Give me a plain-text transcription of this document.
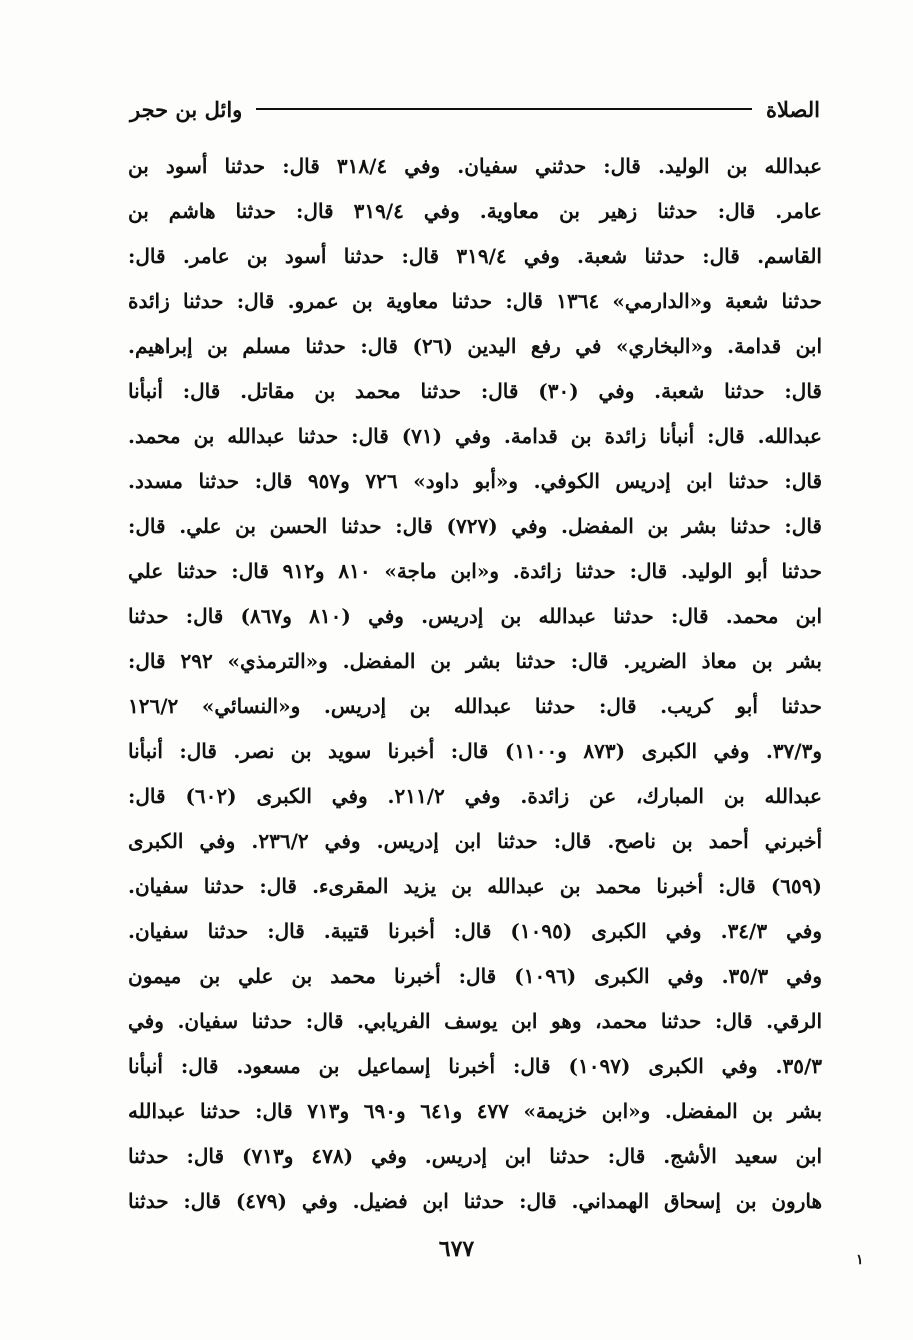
الصلاة
وائل بن حجر
عبدالله بن الوليد. قال: حدثني سفيان. وفي ٣١٨/٤ قال: حدثنا أسود بن
عامر. قال: حدثنا زهير بن معاوية. وفي ٣١٩/٤ قال: حدثنا هاشم بن
القاسم. قال: حدثنا شعبة. وفي ٣١٩/٤ قال: حدثنا أسود بن عامر. قال:
حدثنا شعبة و«الدارمي» ١٣٦٤ قال: حدثنا معاوية بن عمرو. قال: حدثنا زائدة
ابن قدامة. و«البخاري» في رفع اليدين (٢٦) قال: حدثنا مسلم بن إبراهيم.
قال: حدثنا شعبة. وفي (٣٠) قال: حدثنا محمد بن مقاتل. قال: أنبأنا
عبدالله. قال: أنبأنا زائدة بن قدامة. وفي (٧١) قال: حدثنا عبدالله بن محمد.
قال: حدثنا ابن إدريس الكوفي. و«أبو داود» ٧٢٦ و٩٥٧ قال: حدثنا مسدد.
قال: حدثنا بشر بن المفضل. وفي (٧٢٧) قال: حدثنا الحسن بن علي. قال:
حدثنا أبو الوليد. قال: حدثنا زائدة. و«ابن ماجة» ٨١٠ و٩١٢ قال: حدثنا علي
ابن محمد. قال: حدثنا عبدالله بن إدريس. وفي (٨١٠ و٨٦٧) قال: حدثنا
بشر بن معاذ الضرير. قال: حدثنا بشر بن المفضل. و«الترمذي» ٢٩٢ قال:
حدثنا أبو كريب. قال: حدثنا عبدالله بن إدريس. و«النسائي» ١٢٦/٢
و٣٧/٣. وفي الكبرى (٨٧٣ و١١٠٠) قال: أخبرنا سويد بن نصر. قال: أنبأنا
عبدالله بن المبارك، عن زائدة. وفي ٢١١/٢. وفي الكبرى (٦٠٢) قال:
أخبرني أحمد بن ناصح. قال: حدثنا ابن إدريس. وفي ٢٣٦/٢. وفي الكبرى
(٦٥٩) قال: أخبرنا محمد بن عبدالله بن يزيد المقرىء. قال: حدثنا سفيان.
وفي ٣٤/٣. وفي الكبرى (١٠٩٥) قال: أخبرنا قتيبة. قال: حدثنا سفيان.
وفي ٣٥/٣. وفي الكبرى (١٠٩٦) قال: أخبرنا محمد بن علي بن ميمون
الرقي. قال: حدثنا محمد، وهو ابن يوسف الفريابي. قال: حدثنا سفيان. وفي
٣٥/٣. وفي الكبرى (١٠٩٧) قال: أخبرنا إسماعيل بن مسعود. قال: أنبأنا
بشر بن المفضل. و«ابن خزيمة» ٤٧٧ و٦٤١ و٦٩٠ و٧١٣ قال: حدثنا عبدالله
ابن سعيد الأشج. قال: حدثنا ابن إدريس. وفي (٤٧٨ و٧١٣) قال: حدثنا
هارون بن إسحاق الهمداني. قال: حدثنا ابن فضيل. وفي (٤٧٩) قال: حدثنا
٦٧٧	١
